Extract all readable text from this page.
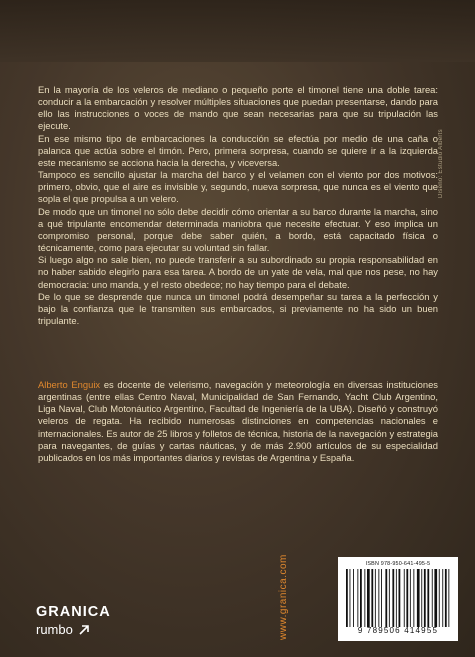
En la mayoría de los veleros de mediano o pequeño porte el timonel tiene una doble tarea: conducir a la embarcación y resolver múltiples situaciones que puedan presentarse, dando para ello las instrucciones o voces de mando que sean necesarias para que su tripulación las ejecute.

En ese mismo tipo de embarcaciones la conducción se efectúa por medio de una caña o palanca que actúa sobre el timón. Pero, primera sorpresa, cuando se quiere ir a la izquierda este mecanismo se acciona hacia la derecha, y viceversa.

Tampoco es sencillo ajustar la marcha del barco y el velamen con el viento por dos motivos: primero, obvio, que el aire es invisible y, segundo, nueva sorpresa, que nunca es el viento que sopla el que propulsa a un velero.

De modo que un timonel no sólo debe decidir cómo orientar a su barco durante la marcha, sino a qué tripulante encomendar determinada maniobra que necesite efectuar. Y eso implica un compromiso personal, porque debe saber quién, a bordo, está capacitado física o técnicamente, como para ejecutar su voluntad sin fallar.

Si luego algo no sale bien, no puede transferir a su subordinado su propia responsabilidad en no haber sabido elegirlo para esa tarea. A bordo de un yate de vela, mal que nos pese, no hay democracia: uno manda, y el resto obedece; no hay tiempo para el debate.

De lo que se desprende que nunca un timonel podrá desempeñar su tarea a la perfección y bajo la confianza que le transmiten sus embarcados, si previamente no ha sido un buen tripulante.

Alberto Enguix es docente de velerismo, navegación y meteorología en diversas instituciones argentinas (entre ellas Centro Naval, Municipalidad de San Fernando, Yacht Club Argentino, Liga Naval, Club Motonáutico Argentino, Facultad de Ingeniería de la UBA). Diseñó y construyó veleros de regata. Ha recibido numerosas distinciones en competencias nacionales e internacionales. Es autor de 25 libros y folletos de técnica, historia de la navegación y estrategia para navegantes, de guías y cartas náuticas, y de más 2.900 artículos de su especialidad publicados en los más importantes diarios y revistas de Argentina y España.

Diseño: Estudio Alberts
www.granica.com
GRANICA
rumbo
ISBN 978-950-641-495-5
9 789506 414955
